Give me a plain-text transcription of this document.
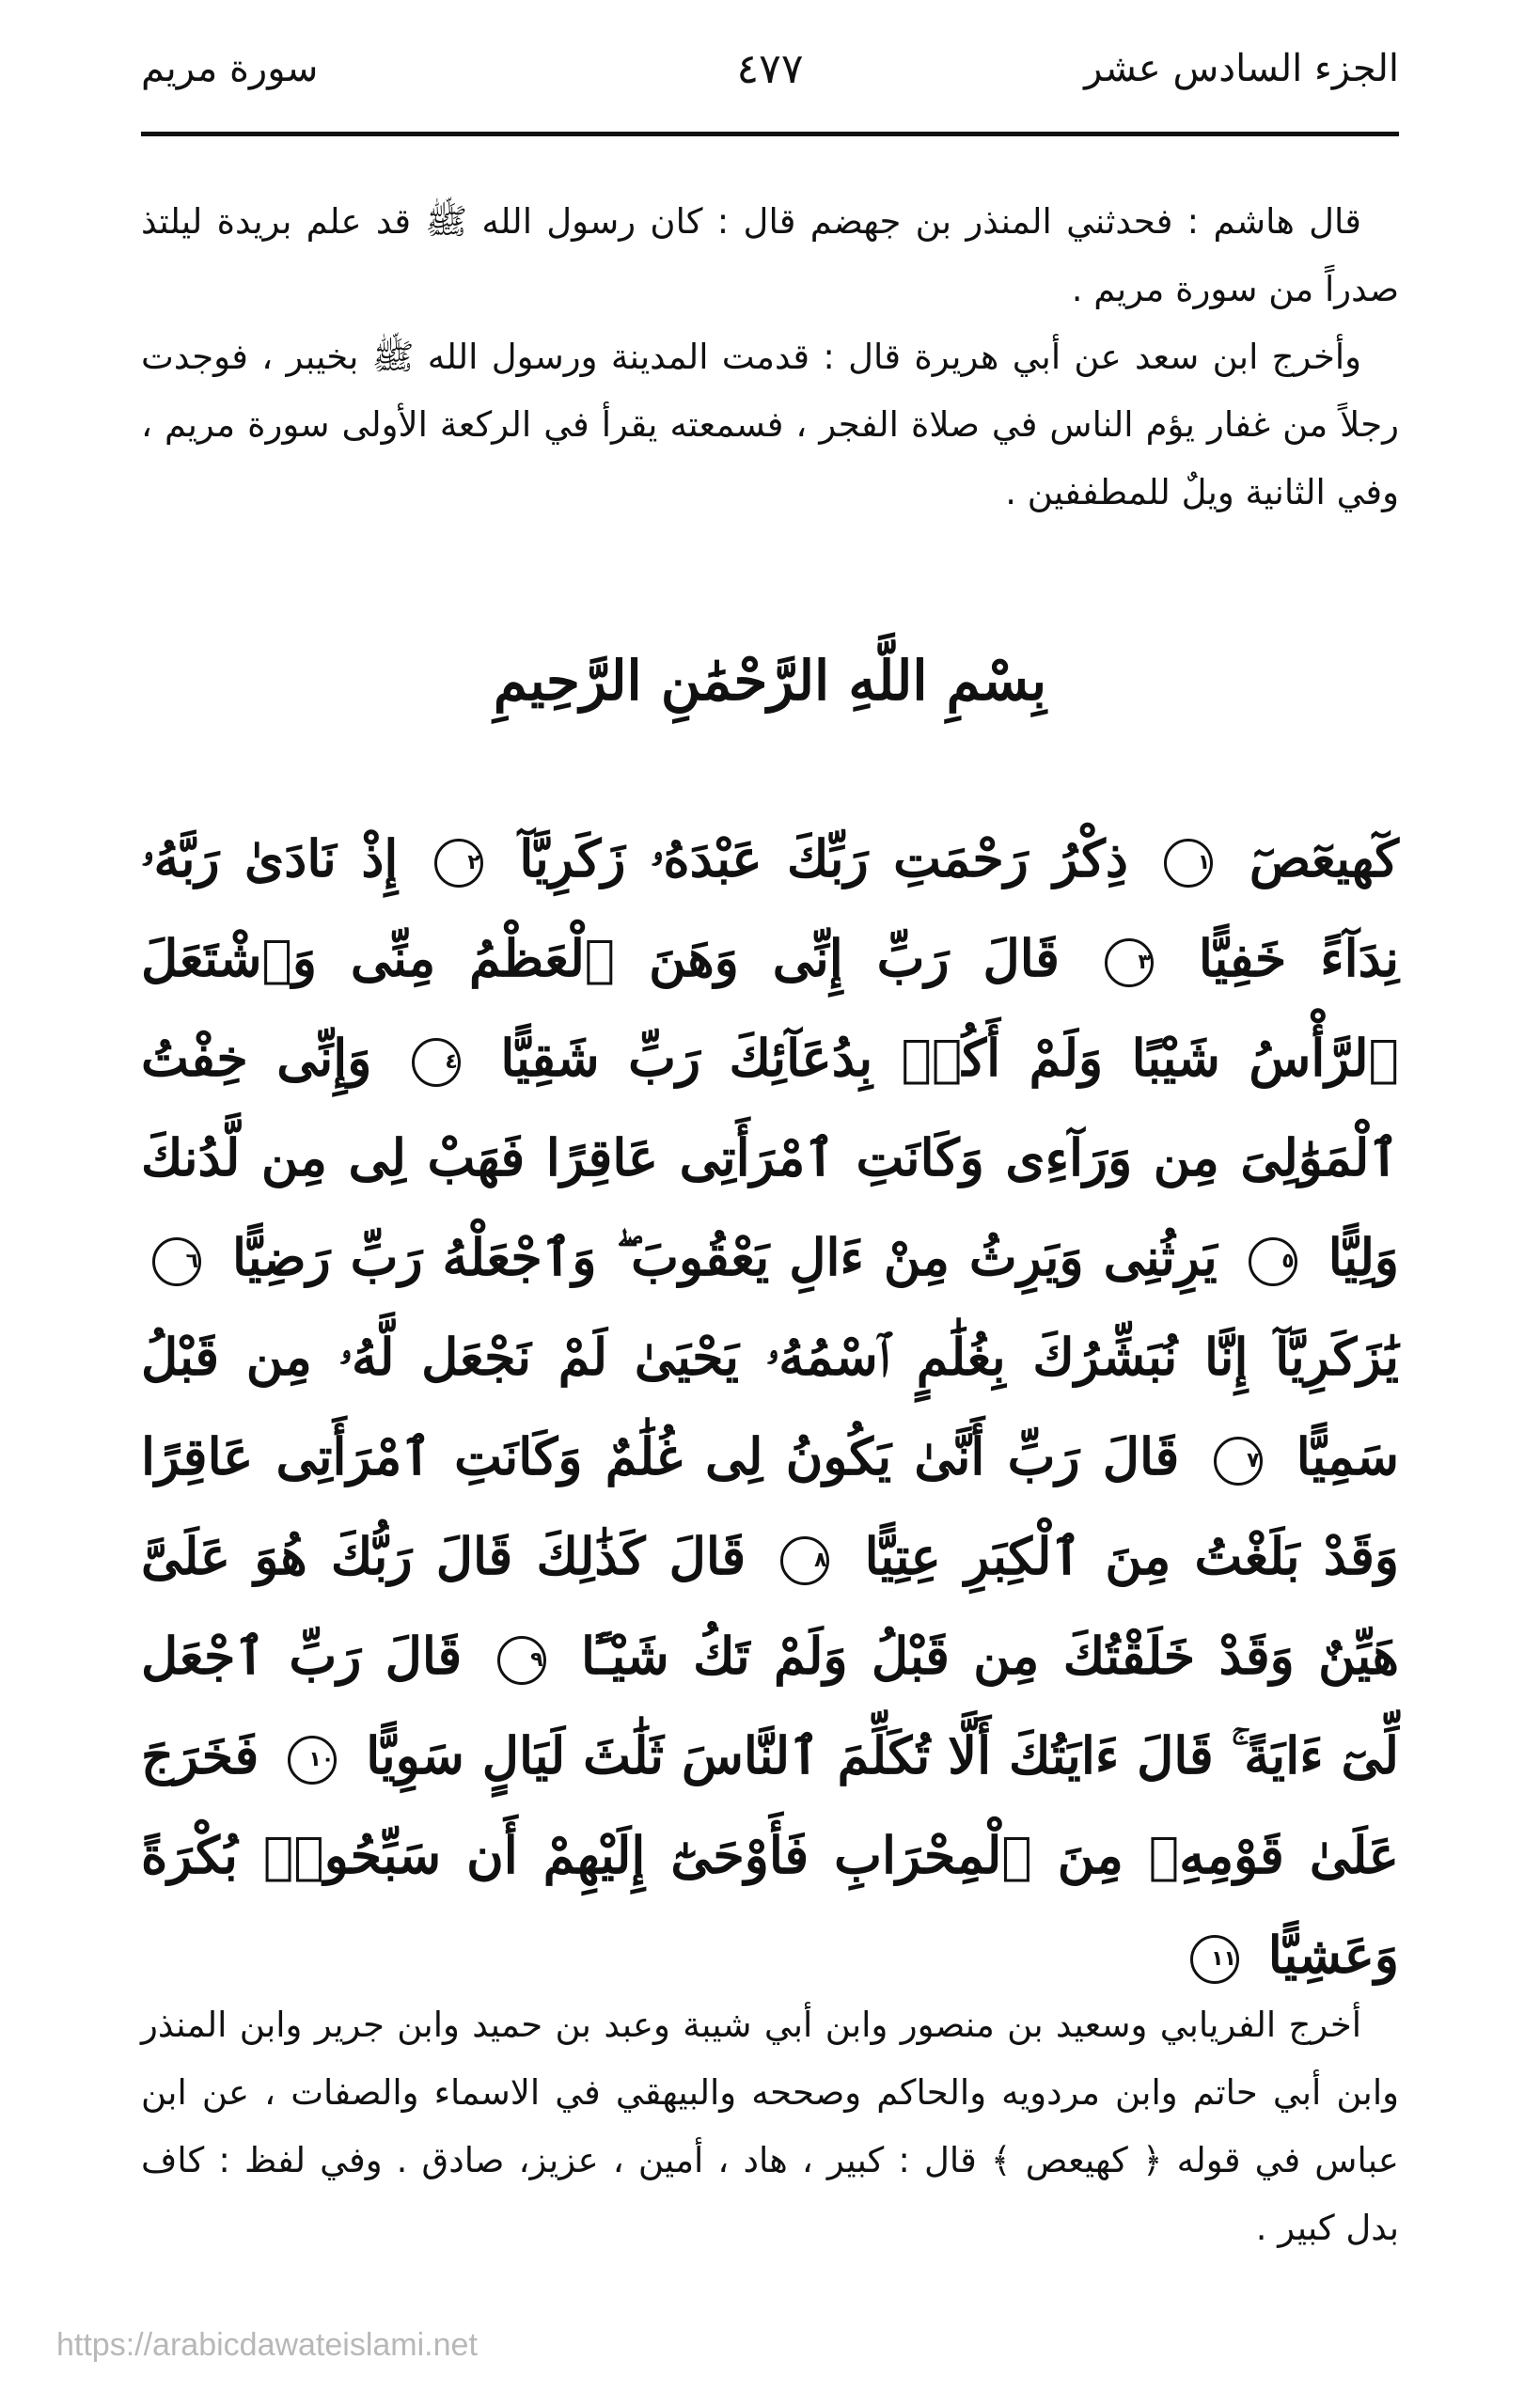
الجزء السادس عشر
٤٧٧
سورة مريم

قال هاشم : فحدثني المنذر بن جهضم قال : كان رسول الله ﷺ قد علم بريدة ليلتذ صدراً من سورة مريم .

وأخرج ابن سعد عن أبي هريرة قال : قدمت المدينة ورسول الله ﷺ بخيبر ، فوجدت رجلاً من غفار يؤم الناس في صلاة الفجر ، فسمعته يقرأ في الركعة الأولى سورة مريم ، وفي الثانية ويلٌ للمطففين .

بِسْمِ اللَّهِ الرَّحْمَٰنِ الرَّحِيمِ
كٓهيعٓصٓ ١ ذِكْرُ رَحْمَتِ رَبِّكَ عَبْدَهُۥ زَكَرِيَّآ ٢ إِذْ نَادَىٰ رَبَّهُۥ نِدَآءً خَفِيًّا ٣ قَالَ رَبِّ إِنِّى وَهَنَ ٱلْعَظْمُ مِنِّى وَٱشْتَعَلَ ٱلرَّأْسُ شَيْبًا وَلَمْ أَكُنۢ بِدُعَآئِكَ رَبِّ شَقِيًّا ٤ وَإِنِّى خِفْتُ ٱلْمَوَٰلِىَ مِن وَرَآءِى وَكَانَتِ ٱمْرَأَتِى عَاقِرًا فَهَبْ لِى مِن لَّدُنكَ وَلِيًّا ٥ يَرِثُنِى وَيَرِثُ مِنْ ءَالِ يَعْقُوبَ ۖ وَٱجْعَلْهُ رَبِّ رَضِيًّا ٦ يَٰزَكَرِيَّآ إِنَّا نُبَشِّرُكَ بِغُلَٰمٍ ٱسْمُهُۥ يَحْيَىٰ لَمْ نَجْعَل لَّهُۥ مِن قَبْلُ سَمِيًّا ٧ قَالَ رَبِّ أَنَّىٰ يَكُونُ لِى غُلَٰمٌ وَكَانَتِ ٱمْرَأَتِى عَاقِرًا وَقَدْ بَلَغْتُ مِنَ ٱلْكِبَرِ عِتِيًّا ٨ قَالَ كَذَٰلِكَ قَالَ رَبُّكَ هُوَ عَلَىَّ هَيِّنٌ وَقَدْ خَلَقْتُكَ مِن قَبْلُ وَلَمْ تَكُ شَيْـًٔا ٩ قَالَ رَبِّ ٱجْعَل لِّىٓ ءَايَةً ۚ قَالَ ءَايَتُكَ أَلَّا تُكَلِّمَ ٱلنَّاسَ ثَلَٰثَ لَيَالٍ سَوِيًّا ١٠ فَخَرَجَ عَلَىٰ قَوْمِهِۦ مِنَ ٱلْمِحْرَابِ فَأَوْحَىٰٓ إِلَيْهِمْ أَن سَبِّحُوا۟ بُكْرَةً وَعَشِيًّا ١١

أخرج الفريابي وسعيد بن منصور وابن أبي شيبة وعبد بن حميد وابن جرير وابن المنذر وابن أبي حاتم وابن مردويه والحاكم وصححه والبيهقي في الاسماء والصفات ، عن ابن عباس في قوله ﴿ كهيعص ﴾ قال : كبير ، هاد ، أمين ، عزيز، صادق . وفي لفظ : كاف بدل كبير .

https://arabicdawateislami.net
